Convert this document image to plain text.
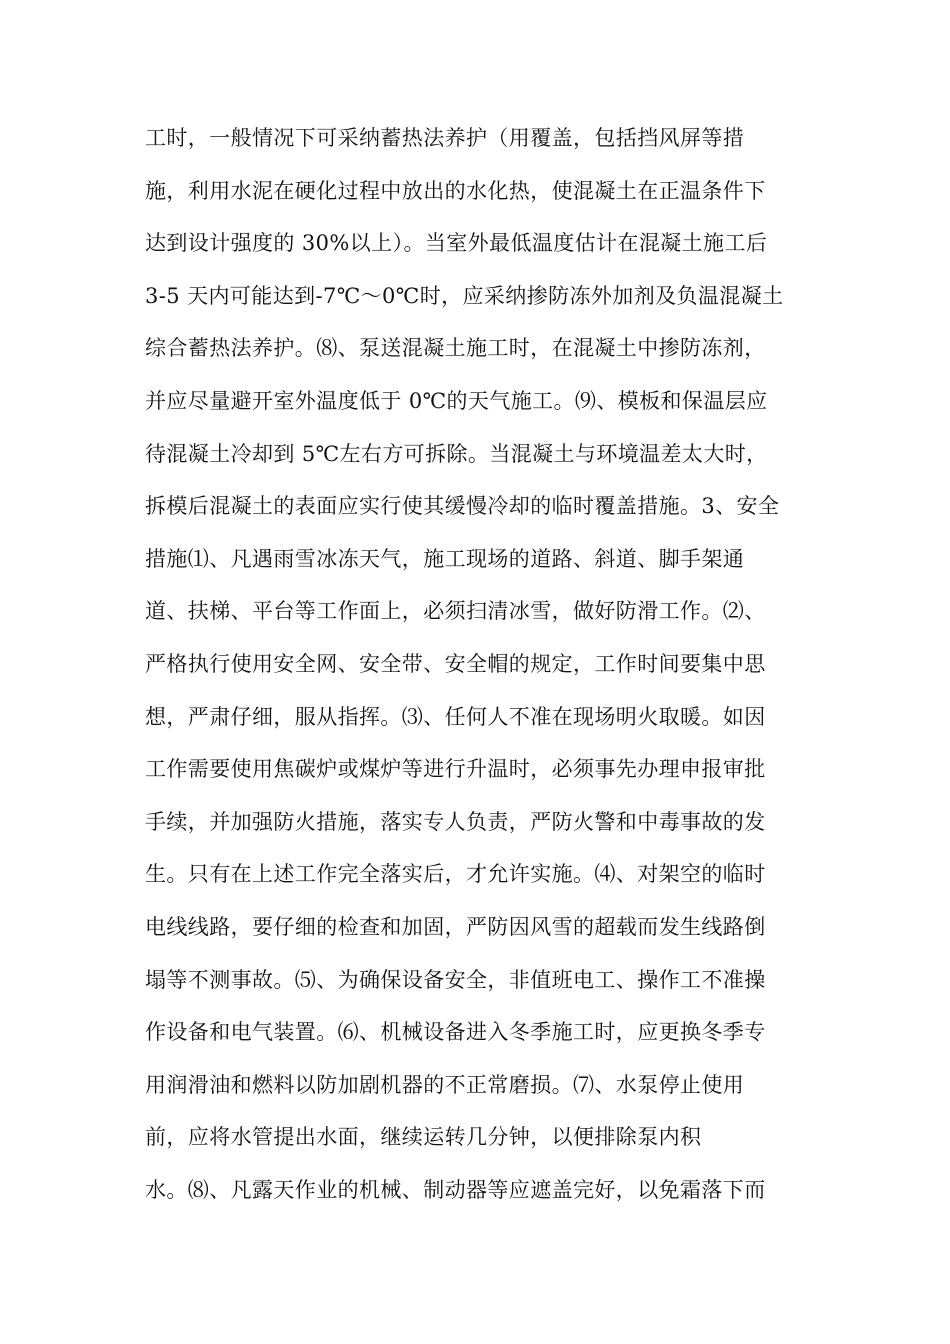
工时，一般情况下可采纳蓄热法养护（用覆盖，包括挡风屏等措
施，利用水泥在硬化过程中放出的水化热，使混凝土在正温条件下
达到设计强度的 30%以上）。当室外最低温度估计在混凝土施工后
3-5 天内可能达到-7℃～0℃时，应采纳掺防冻外加剂及负温混凝土
综合蓄热法养护。⑻、泵送混凝土施工时，在混凝土中掺防冻剂，
并应尽量避开室外温度低于 0℃的天气施工。⑼、模板和保温层应
待混凝土冷却到 5℃左右方可拆除。当混凝土与环境温差太大时，
拆模后混凝土的表面应实行使其缓慢冷却的临时覆盖措施。3、安全
措施⑴、凡遇雨雪冰冻天气，施工现场的道路、斜道、脚手架通
道、扶梯、平台等工作面上，必须扫清冰雪，做好防滑工作。⑵、
严格执行使用安全网、安全带、安全帽的规定，工作时间要集中思
想，严肃仔细，服从指挥。⑶、任何人不准在现场明火取暖。如因
工作需要使用焦碳炉或煤炉等进行升温时，必须事先办理申报审批
手续，并加强防火措施，落实专人负责，严防火警和中毒事故的发
生。只有在上述工作完全落实后，才允许实施。⑷、对架空的临时
电线线路，要仔细的检查和加固，严防因风雪的超载而发生线路倒
塌等不测事故。⑸、为确保设备安全，非值班电工、操作工不准操
作设备和电气装置。⑹、机械设备进入冬季施工时，应更换冬季专
用润滑油和燃料以防加剧机器的不正常磨损。⑺、水泵停止使用
前，应将水管提出水面，继续运转几分钟，以便排除泵内积
水。⑻、凡露天作业的机械、制动器等应遮盖完好，以免霜落下而
